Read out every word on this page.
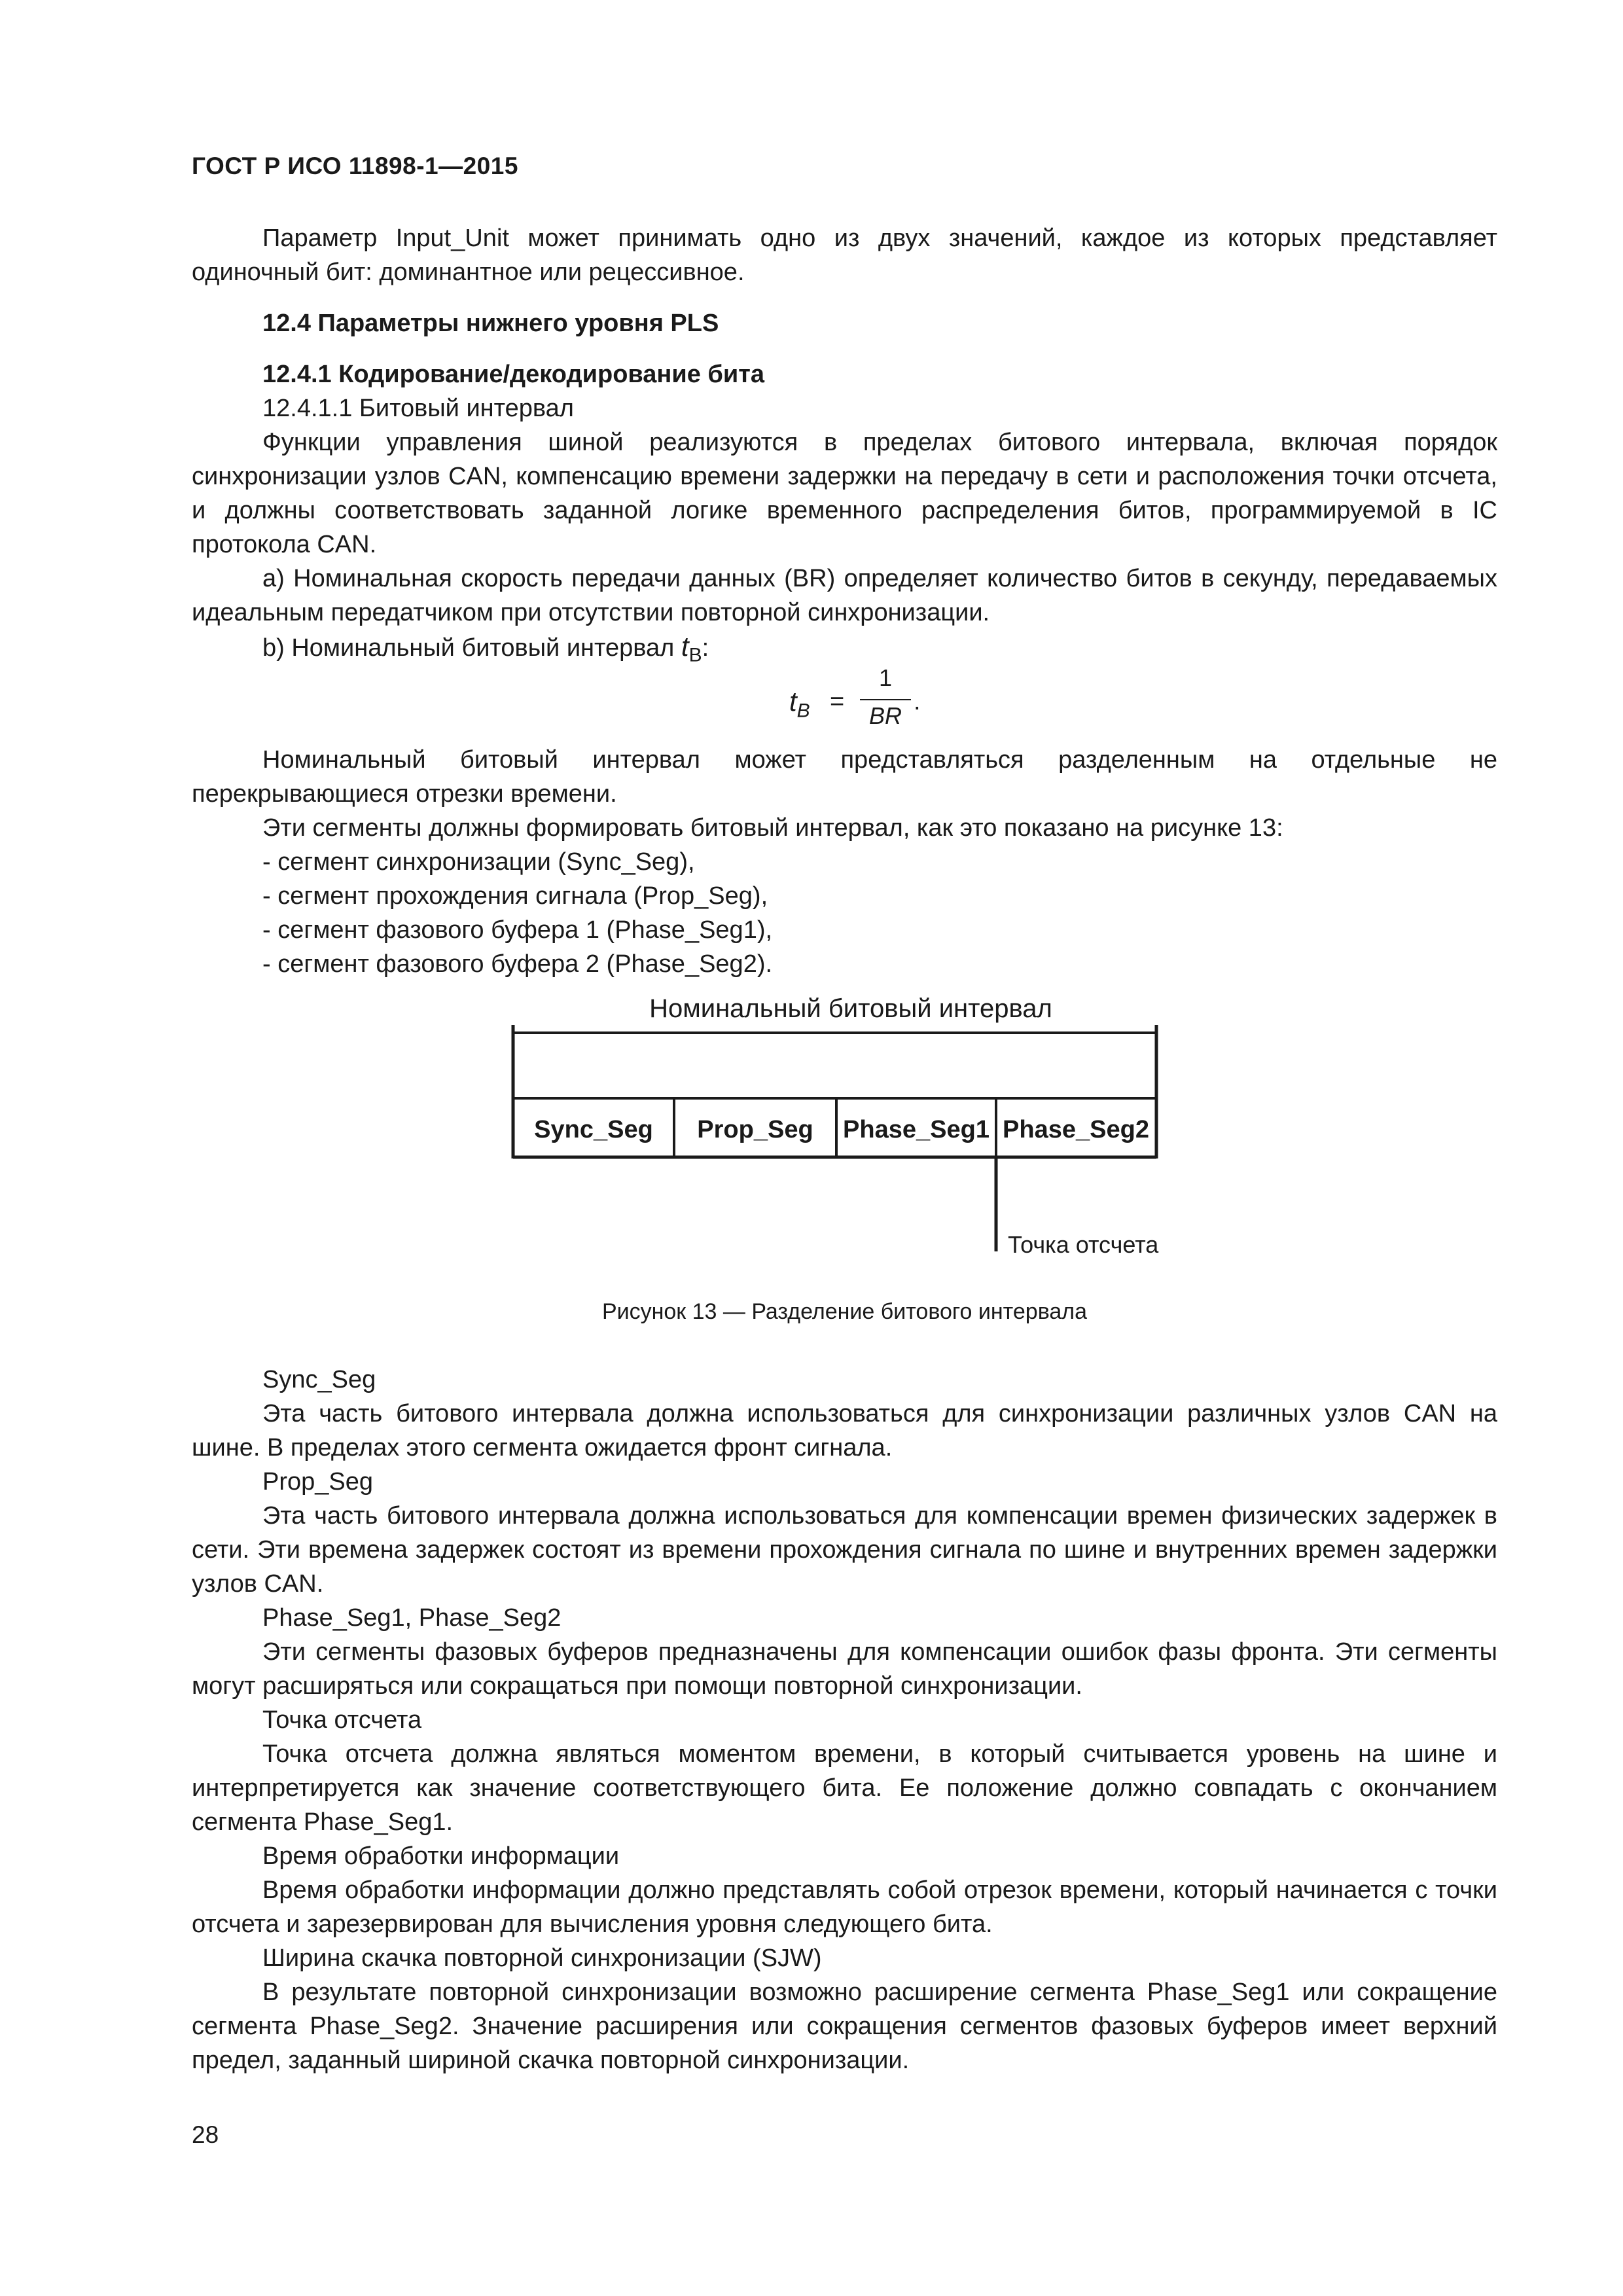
ГОСТ Р ИСО 11898-1—2015

Параметр Input_Unit может принимать одно из двух значений, каждое из которых представляет одиночный бит: доминантное или рецессивное.

12.4 Параметры нижнего уровня PLS

12.4.1 Кодирование/декодирование бита

12.4.1.1 Битовый интервал

Функции управления шиной реализуются в пределах битового интервала, включая порядок синхронизации узлов CAN, компенсацию времени задержки на передачу в сети и расположения точки отсчета, и должны соответствовать заданной логике временного распределения битов, программируемой в IC протокола CAN.

a) Номинальная скорость передачи данных (BR) определяет количество битов в секунду, передаваемых идеальным передатчиком при отсутствии повторной синхронизации.

b) Номинальный битовый интервал $t_B$:

$t_B$ =
1
BR
.

Номинальный битовый интервал может представляться разделенным на отдельные не перекрывающиеся отрезки времени.

Эти сегменты должны формировать битовый интервал, как это показано на рисунке 13:

- сегмент синхронизации (Sync_Seg),

- сегмент прохождения сигнала (Prop_Seg),

- сегмент фазового буфера 1 (Phase_Seg1),

- сегмент фазового буфера 2 (Phase_Seg2).

Номинальный битовый интервал
Sync_Seg Prop_Seg Phase_Seg1 Phase_Seg2
Точка отсчета
Рисунок 13 — Разделение битового интервала

Sync_Seg

Эта часть битового интервала должна использоваться для синхронизации различных узлов CAN на шине. В пределах этого сегмента ожидается фронт сигнала.

Prop_Seg

Эта часть битового интервала должна использоваться для компенсации времен физических задержек в сети. Эти времена задержек состоят из времени прохождения сигнала по шине и внутренних времен задержки узлов CAN.

Phase_Seg1, Phase_Seg2

Эти сегменты фазовых буферов предназначены для компенсации ошибок фазы фронта. Эти сегменты могут расширяться или сокращаться при помощи повторной синхронизации.

Точка отсчета

Точка отсчета должна являться моментом времени, в который считывается уровень на шине и интерпретируется как значение соответствующего бита. Ее положение должно совпадать с окончанием сегмента Phase_Seg1.

Время обработки информации

Время обработки информации должно представлять собой отрезок времени, который начинается с точки отсчета и зарезервирован для вычисления уровня следующего бита.

Ширина скачка повторной синхронизации (SJW)

В результате повторной синхронизации возможно расширение сегмента Phase_Seg1 или сокращение сегмента Phase_Seg2. Значение расширения или сокращения сегментов фазовых буферов имеет верхний предел, заданный шириной скачка повторной синхронизации.

28
